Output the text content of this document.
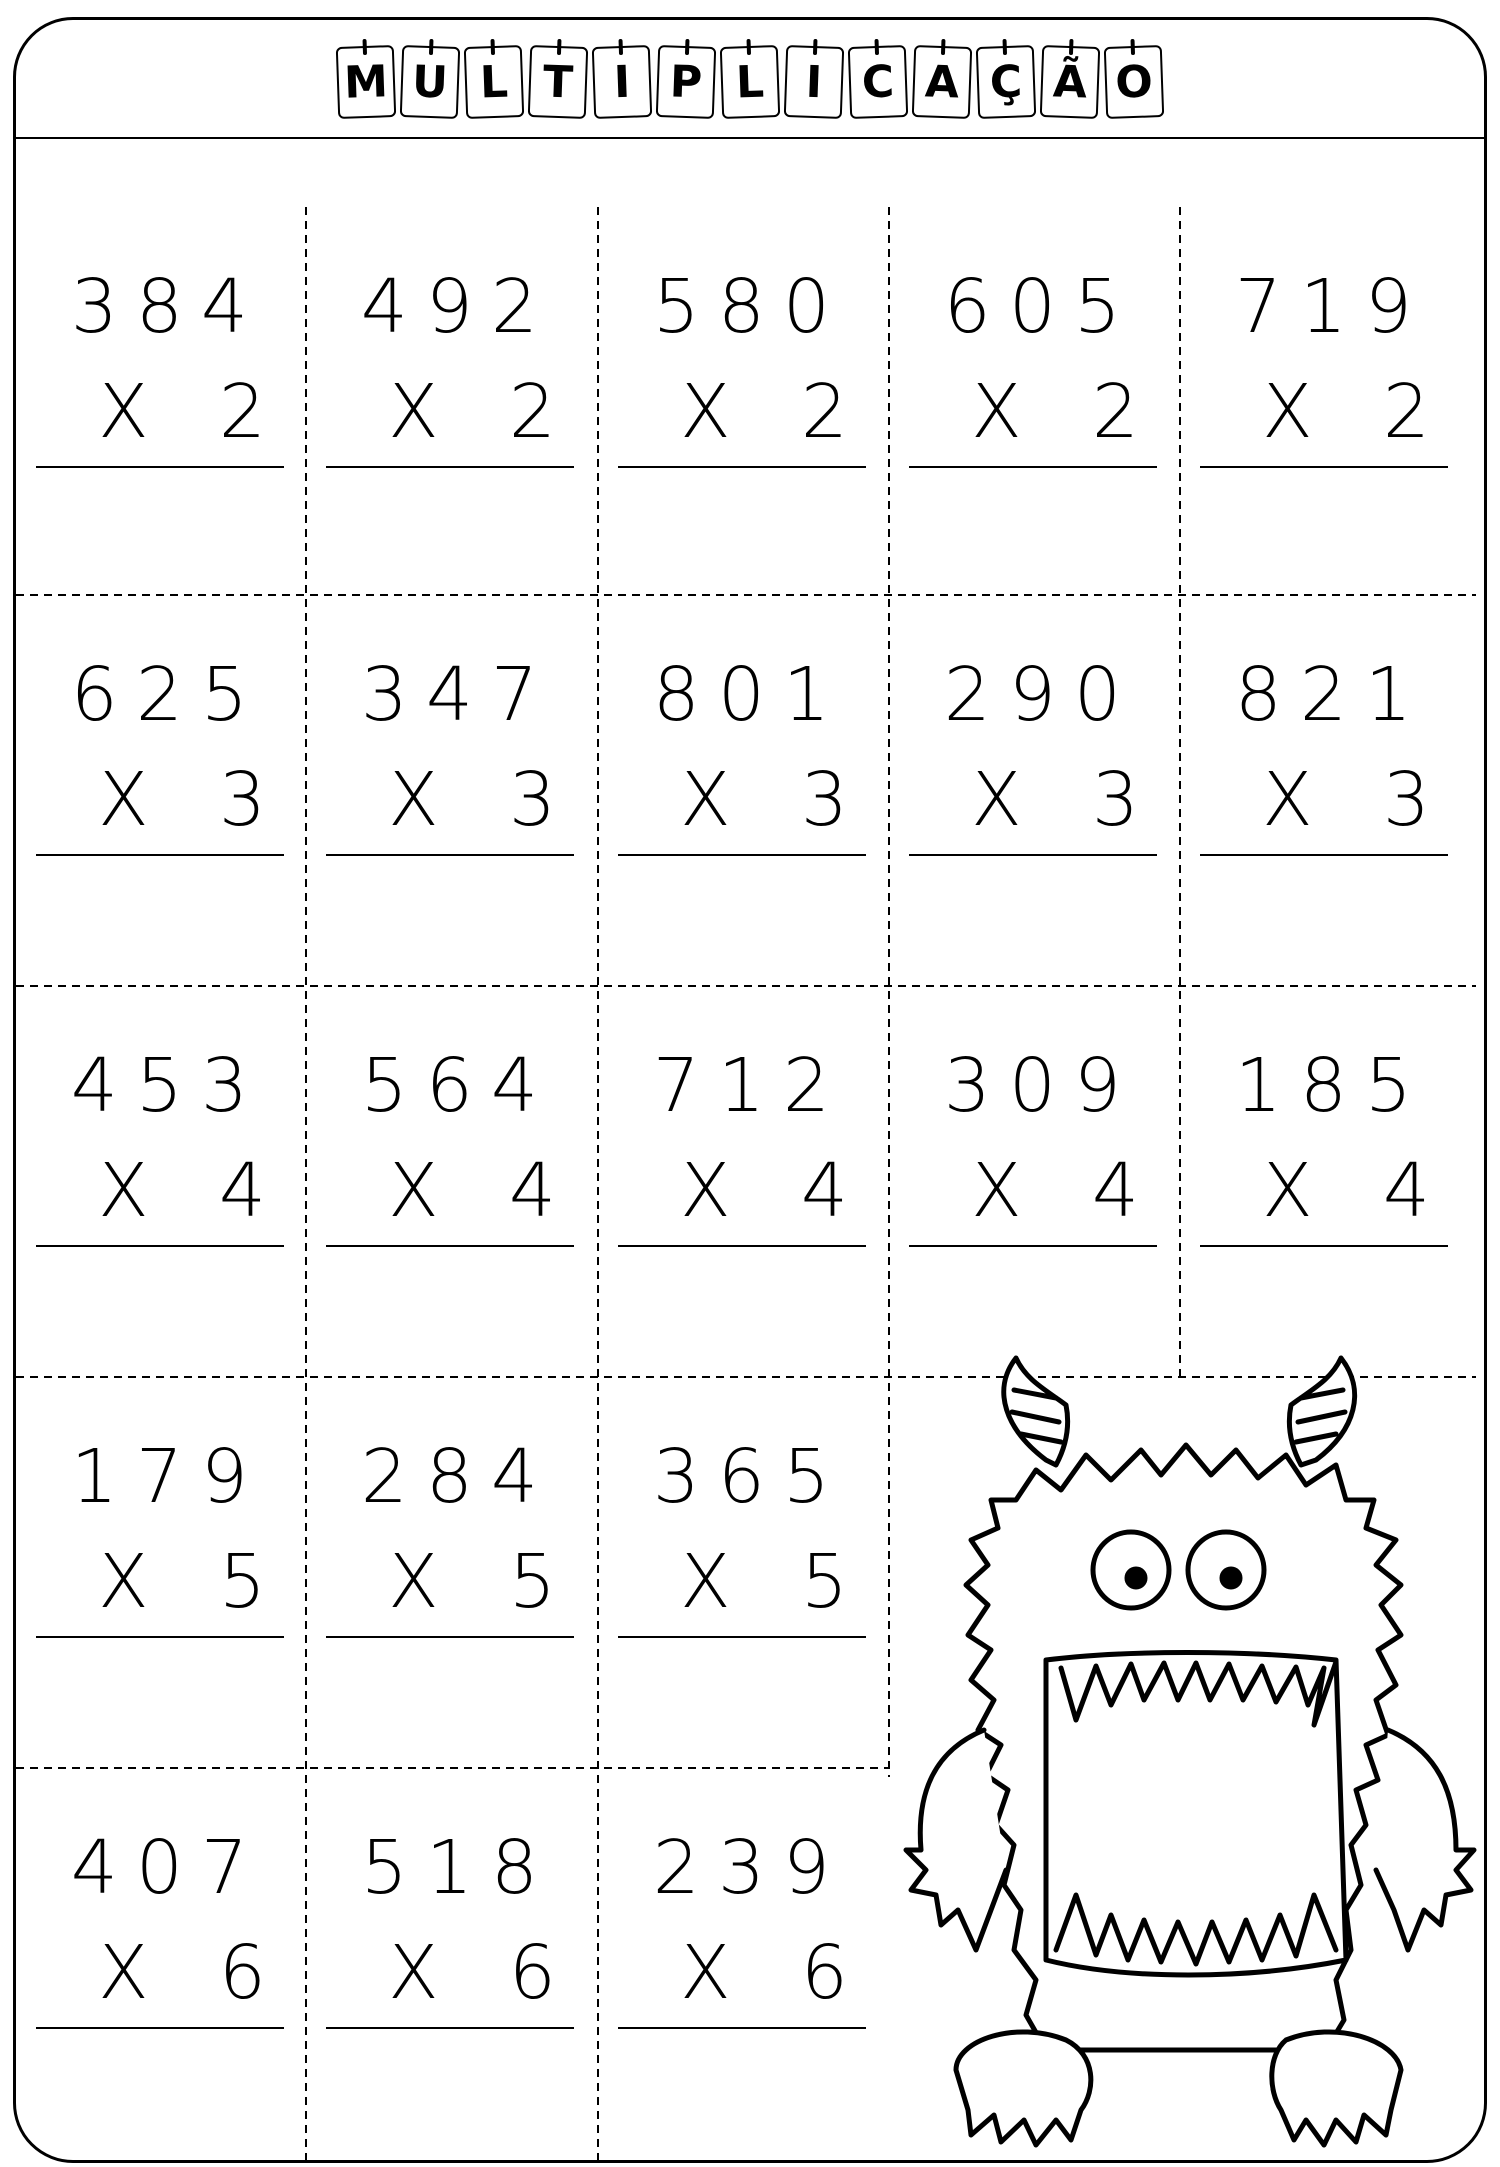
M U L T I P L I C A Ç Ã O
384
X 2
492
X 2
580
X 2
605
X 2
719
X 2
625
X 3
347
X 3
801
X 3
290
X 3
821
X 3
453
X 4
564
X 4
712
X 4
309
X 4
185
X 4
179
X 5
284
X 5
365
X 5
407
X 6
518
X 6
239
X 6
